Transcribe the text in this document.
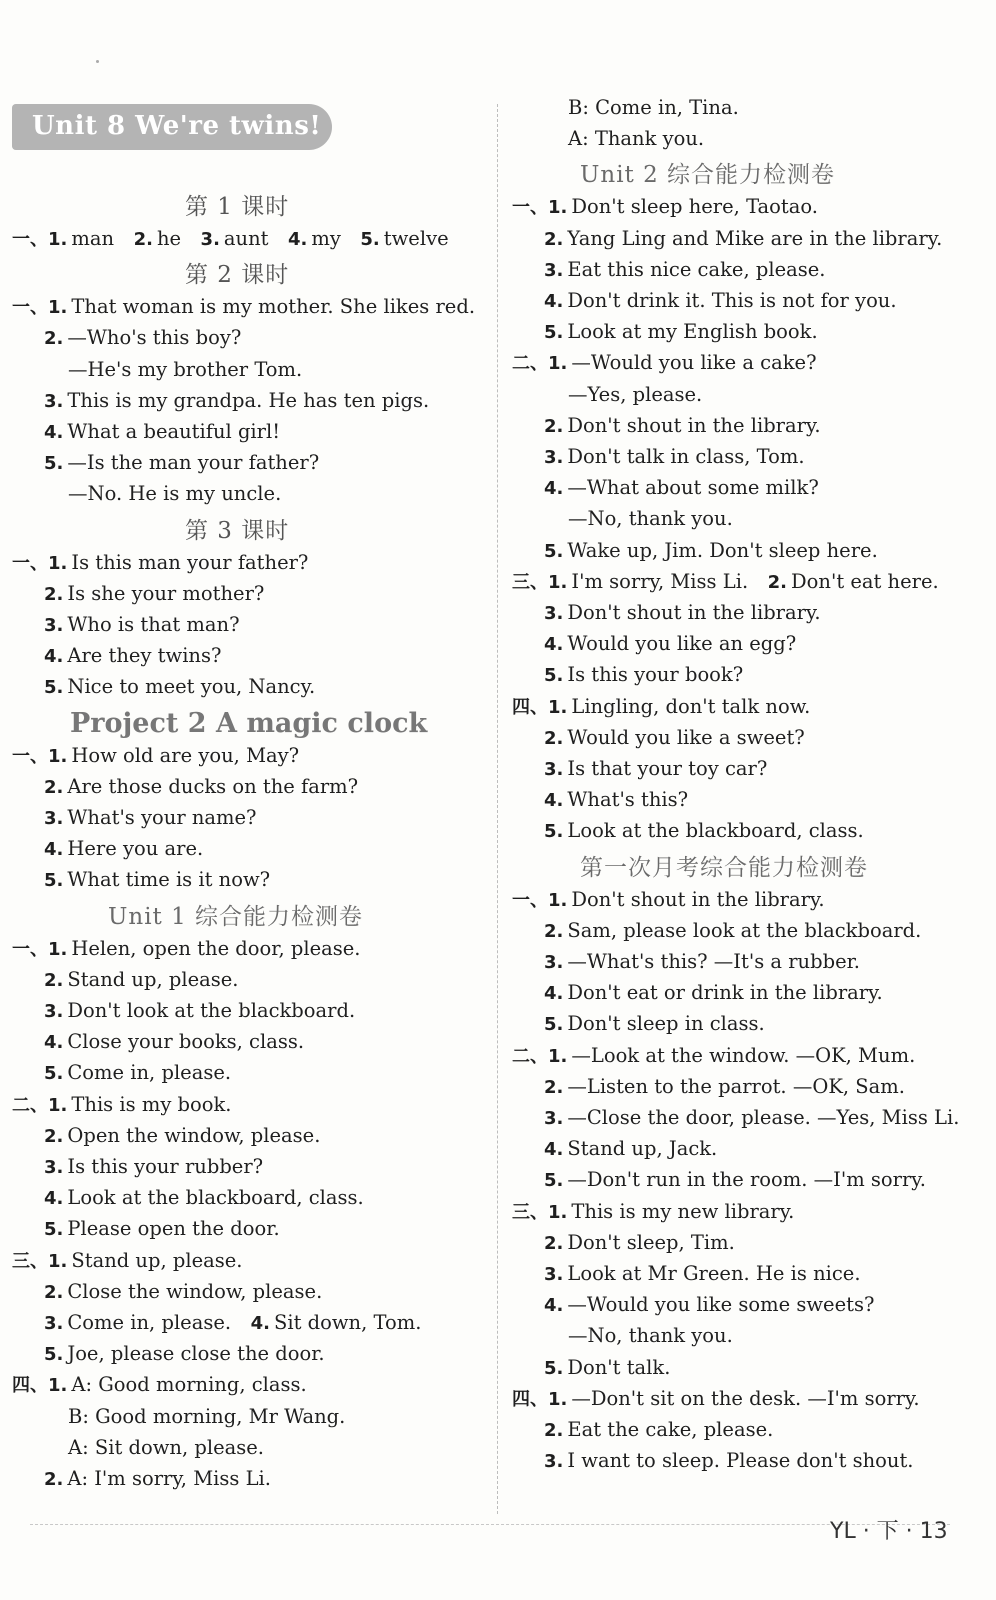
Unit 8 We're twins!
第 1 课时
一、1. man   2. he   3. aunt   4. my   5. twelve
第 2 课时
一、1. That woman is my mother. She likes red.
2. —Who's this boy?
—He's my brother Tom.
3. This is my grandpa. He has ten pigs.
4. What a beautiful girl!
5. —Is the man your father?
—No. He is my uncle.
第 3 课时
一、1. Is this man your father?
2. Is she your mother?
3. Who is that man?
4. Are they twins?
5. Nice to meet you, Nancy.
Project 2 A magic clock
一、1. How old are you, May?
2. Are those ducks on the farm?
3. What's your name?
4. Here you are.
5. What time is it now?
Unit 1 综合能力检测卷
一、1. Helen, open the door, please.
2. Stand up, please.
3. Don't look at the blackboard.
4. Close your books, class.
5. Come in, please.
二、1. This is my book.
2. Open the window, please.
3. Is this your rubber?
4. Look at the blackboard, class.
5. Please open the door.
三、1. Stand up, please.
2. Close the window, please.
3. Come in, please.   4. Sit down, Tom.
5. Joe, please close the door.
四、1. A: Good morning, class.
B: Good morning, Mr Wang.
A: Sit down, please.
2. A: I'm sorry, Miss Li.
B: Come in, Tina.
A: Thank you.
Unit 2 综合能力检测卷
一、1. Don't sleep here, Taotao.
2. Yang Ling and Mike are in the library.
3. Eat this nice cake, please.
4. Don't drink it. This is not for you.
5. Look at my English book.
二、1. —Would you like a cake?
—Yes, please.
2. Don't shout in the library.
3. Don't talk in class, Tom.
4. —What about some milk?
—No, thank you.
5. Wake up, Jim. Don't sleep here.
三、1. I'm sorry, Miss Li.   2. Don't eat here.
3. Don't shout in the library.
4. Would you like an egg?
5. Is this your book?
四、1. Lingling, don't talk now.
2. Would you like a sweet?
3. Is that your toy car?
4. What's this?
5. Look at the blackboard, class.
第一次月考综合能力检测卷
一、1. Don't shout in the library.
2. Sam, please look at the blackboard.
3. —What's this? —It's a rubber.
4. Don't eat or drink in the library.
5. Don't sleep in class.
二、1. —Look at the window. —OK, Mum.
2. —Listen to the parrot. —OK, Sam.
3. —Close the door, please. —Yes, Miss Li.
4. Stand up, Jack.
5. —Don't run in the room. —I'm sorry.
三、1. This is my new library.
2. Don't sleep, Tim.
3. Look at Mr Green. He is nice.
4. —Would you like some sweets?
—No, thank you.
5. Don't talk.
四、1. —Don't sit on the desk. —I'm sorry.
2. Eat the cake, please.
3. I want to sleep. Please don't shout.
YL · 下 · 13
